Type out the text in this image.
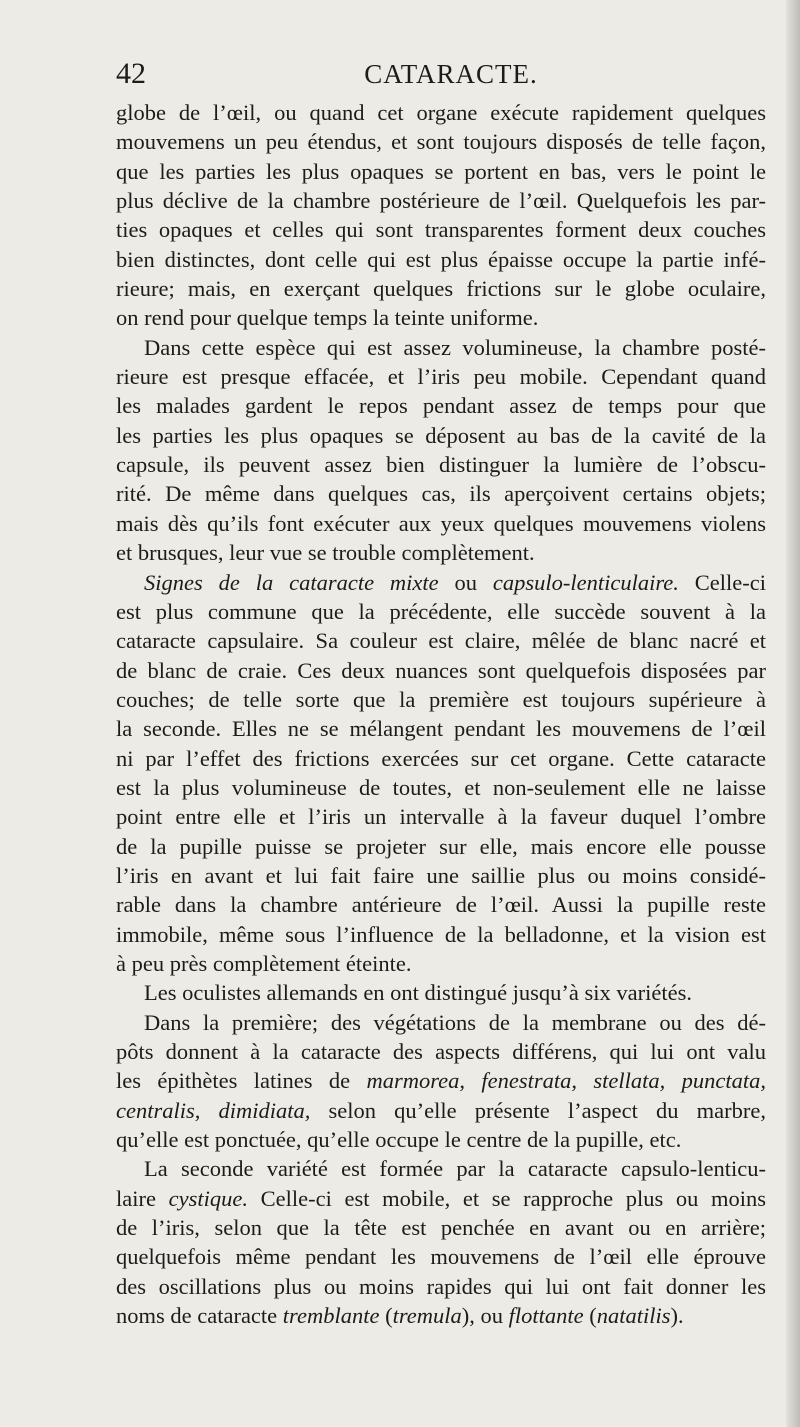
42	CATARACTE.
globe de l’œil, ou quand cet organe exécute rapidement quelques
mouvemens un peu étendus, et sont toujours disposés de telle façon,
que les parties les plus opaques se portent en bas, vers le point le
plus déclive de la chambre postérieure de l’œil. Quelquefois les par-
ties opaques et celles qui sont transparentes forment deux couches
bien distinctes, dont celle qui est plus épaisse occupe la partie infé-
rieure; mais, en exerçant quelques frictions sur le globe oculaire,
on rend pour quelque temps la teinte uniforme.
Dans cette espèce qui est assez volumineuse, la chambre posté-
rieure est presque effacée, et l’iris peu mobile. Cependant quand
les malades gardent le repos pendant assez de temps pour que
les parties les plus opaques se déposent au bas de la cavité de la
capsule, ils peuvent assez bien distinguer la lumière de l’obscu-
rité. De même dans quelques cas, ils aperçoivent certains objets;
mais dès qu’ils font exécuter aux yeux quelques mouvemens violens
et brusques, leur vue se trouble complètement.
Signes de la cataracte mixte ou capsulo-lenticulaire. Celle-ci
est plus commune que la précédente, elle succède souvent à la
cataracte capsulaire. Sa couleur est claire, mêlée de blanc nacré et
de blanc de craie. Ces deux nuances sont quelquefois disposées par
couches; de telle sorte que la première est toujours supérieure à
la seconde. Elles ne se mélangent pendant les mouvemens de l’œil
ni par l’effet des frictions exercées sur cet organe. Cette cataracte
est la plus volumineuse de toutes, et non-seulement elle ne laisse
point entre elle et l’iris un intervalle à la faveur duquel l’ombre
de la pupille puisse se projeter sur elle, mais encore elle pousse
l’iris en avant et lui fait faire une saillie plus ou moins considé-
rable dans la chambre antérieure de l’œil. Aussi la pupille reste
immobile, même sous l’influence de la belladonne, et la vision est
à peu près complètement éteinte.
Les oculistes allemands en ont distingué jusqu’à six variétés.
Dans la première; des végétations de la membrane ou des dé-
pôts donnent à la cataracte des aspects différens, qui lui ont valu
les épithètes latines de marmorea, fenestrata, stellata, punctata,
centralis, dimidiata, selon qu’elle présente l’aspect du marbre,
qu’elle est ponctuée, qu’elle occupe le centre de la pupille, etc.
La seconde variété est formée par la cataracte capsulo-lenticu-
laire cystique. Celle-ci est mobile, et se rapproche plus ou moins
de l’iris, selon que la tête est penchée en avant ou en arrière;
quelquefois même pendant les mouvemens de l’œil elle éprouve
des oscillations plus ou moins rapides qui lui ont fait donner les
noms de cataracte tremblante (tremula), ou flottante (natatilis).
